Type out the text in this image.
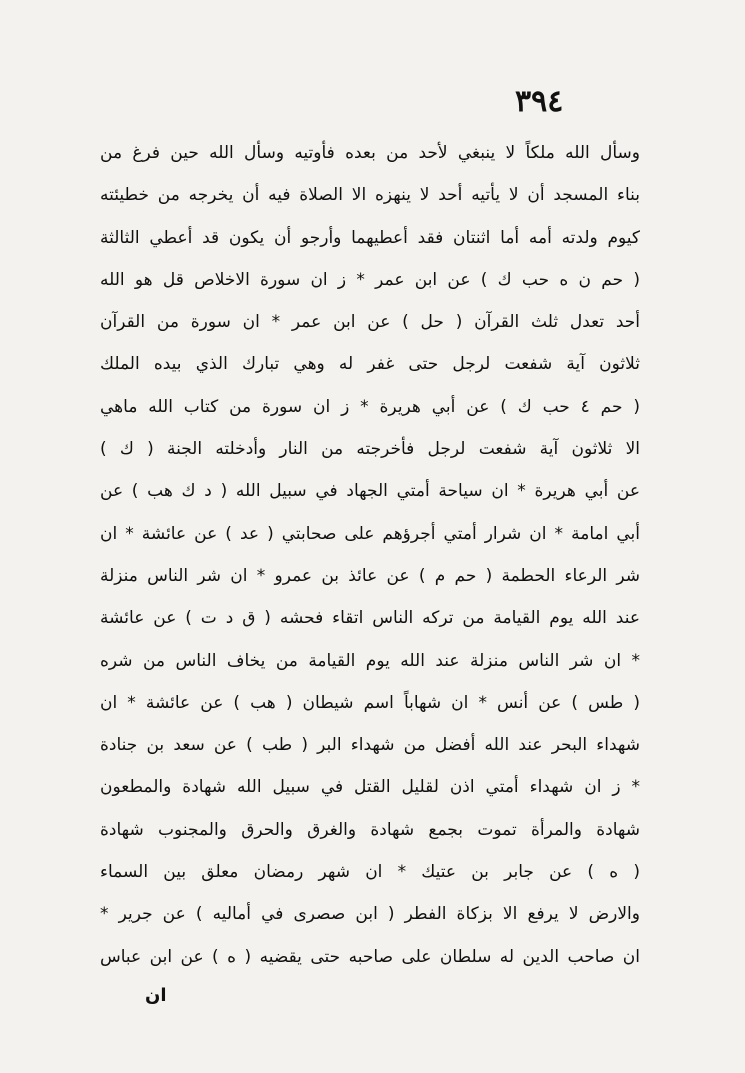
٣٩٤
وسأل الله ملكاً لا ينبغي لأحد من بعده فأوتيه وسأل الله حين فرغ من
بناء المسجد أن لا يأتيه أحد لا ينهزه الا الصلاة فيه أن يخرجه من خطيئته
كيوم ولدته أمه أما اثنتان فقد أعطيهما وأرجو أن يكون قد أعطي الثالثة
( حم ن ه حب ك ) عن ابن عمر * ز ان سورة الاخلاص قل هو الله
أحد تعدل ثلث القرآن ( حل ) عن ابن عمر * ان سورة من القرآن
ثلاثون آية شفعت لرجل حتى غفر له وهي تبارك الذي بيده الملك
( حم ٤ حب ك ) عن أبي هريرة * ز ان سورة من كتاب الله ماهي
الا ثلاثون آية شفعت لرجل فأخرجته من النار وأدخلته الجنة ( ك )
عن أبي هريرة * ان سياحة أمتي الجهاد في سبيل الله ( د ك هب ) عن
أبي امامة * ان شرار أمتي أجرؤهم على صحابتي ( عد ) عن عائشة * ان
شر الرعاء الحطمة ( حم م ) عن عائذ بن عمرو * ان شر الناس منزلة
عند الله يوم القيامة من تركه الناس اتقاء فحشه ( ق د ت ) عن عائشة
* ان شر الناس منزلة عند الله يوم القيامة من يخاف الناس من شره
( طس ) عن أنس * ان شهاباً اسم شيطان ( هب ) عن عائشة * ان
شهداء البحر عند الله أفضل من شهداء البر ( طب ) عن سعد بن جنادة
* ز ان شهداء أمتي اذن لقليل القتل في سبيل الله شهادة والمطعون
شهادة والمرأة تموت بجمع شهادة والغرق والحرق والمجنوب شهادة
( ه ) عن جابر بن عتيك * ان شهر رمضان معلق بين السماء
والارض لا يرفع الا بزكاة الفطر ( ابن صصرى في أماليه ) عن جرير *
ان صاحب الدين له سلطان على صاحبه حتى يقضيه ( ه ) عن ابن عباس
ان
